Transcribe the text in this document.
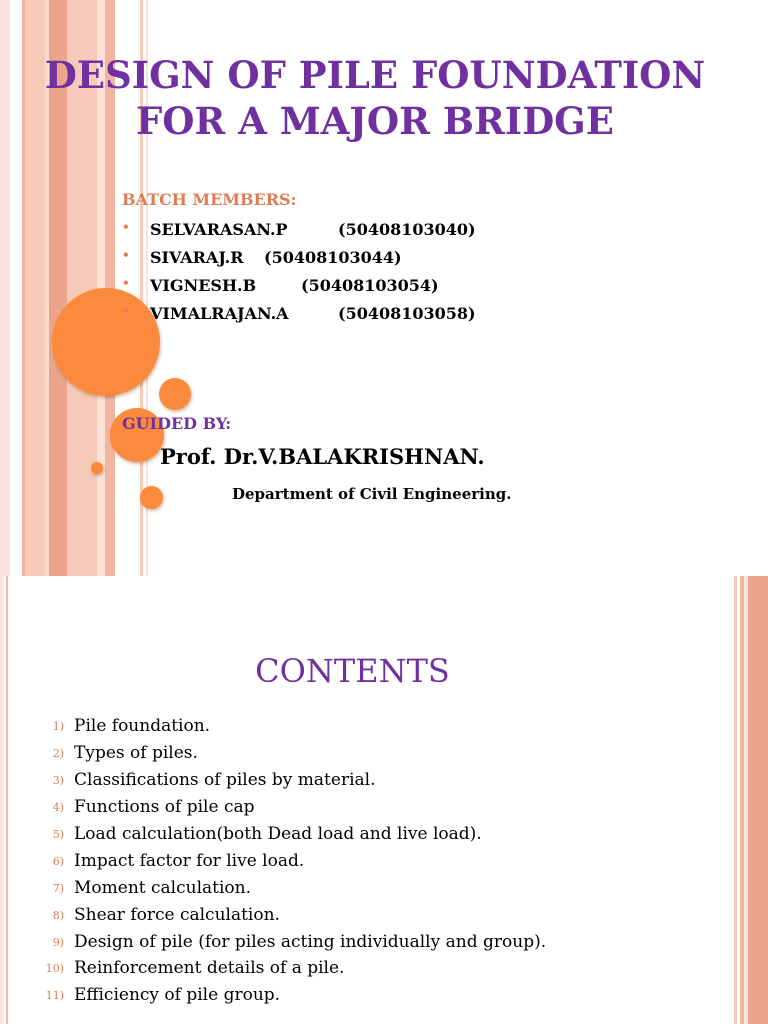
DESIGN OF PILE FOUNDATION
FOR A MAJOR BRIDGE
BATCH MEMBERS:
• SELVARASAN.P	(50408103040)
• SIVARAJ.R (50408103044)
• VIGNESH.B	(50408103054)
• VIMALRAJAN.A	(50408103058)
GUIDED BY:
Prof. Dr.V.BALAKRISHNAN.
Department of Civil Engineering.
CONTENTS
1) Pile foundation.
2) Types of piles.
3) Classifications of piles by material.
4) Functions of pile cap
5) Load calculation(both Dead load and live load).
6) Impact factor for live load.
7) Moment calculation.
8) Shear force calculation.
9) Design of pile (for piles acting individually and group).
10) Reinforcement details of a pile.
11) Efficiency of pile group.
